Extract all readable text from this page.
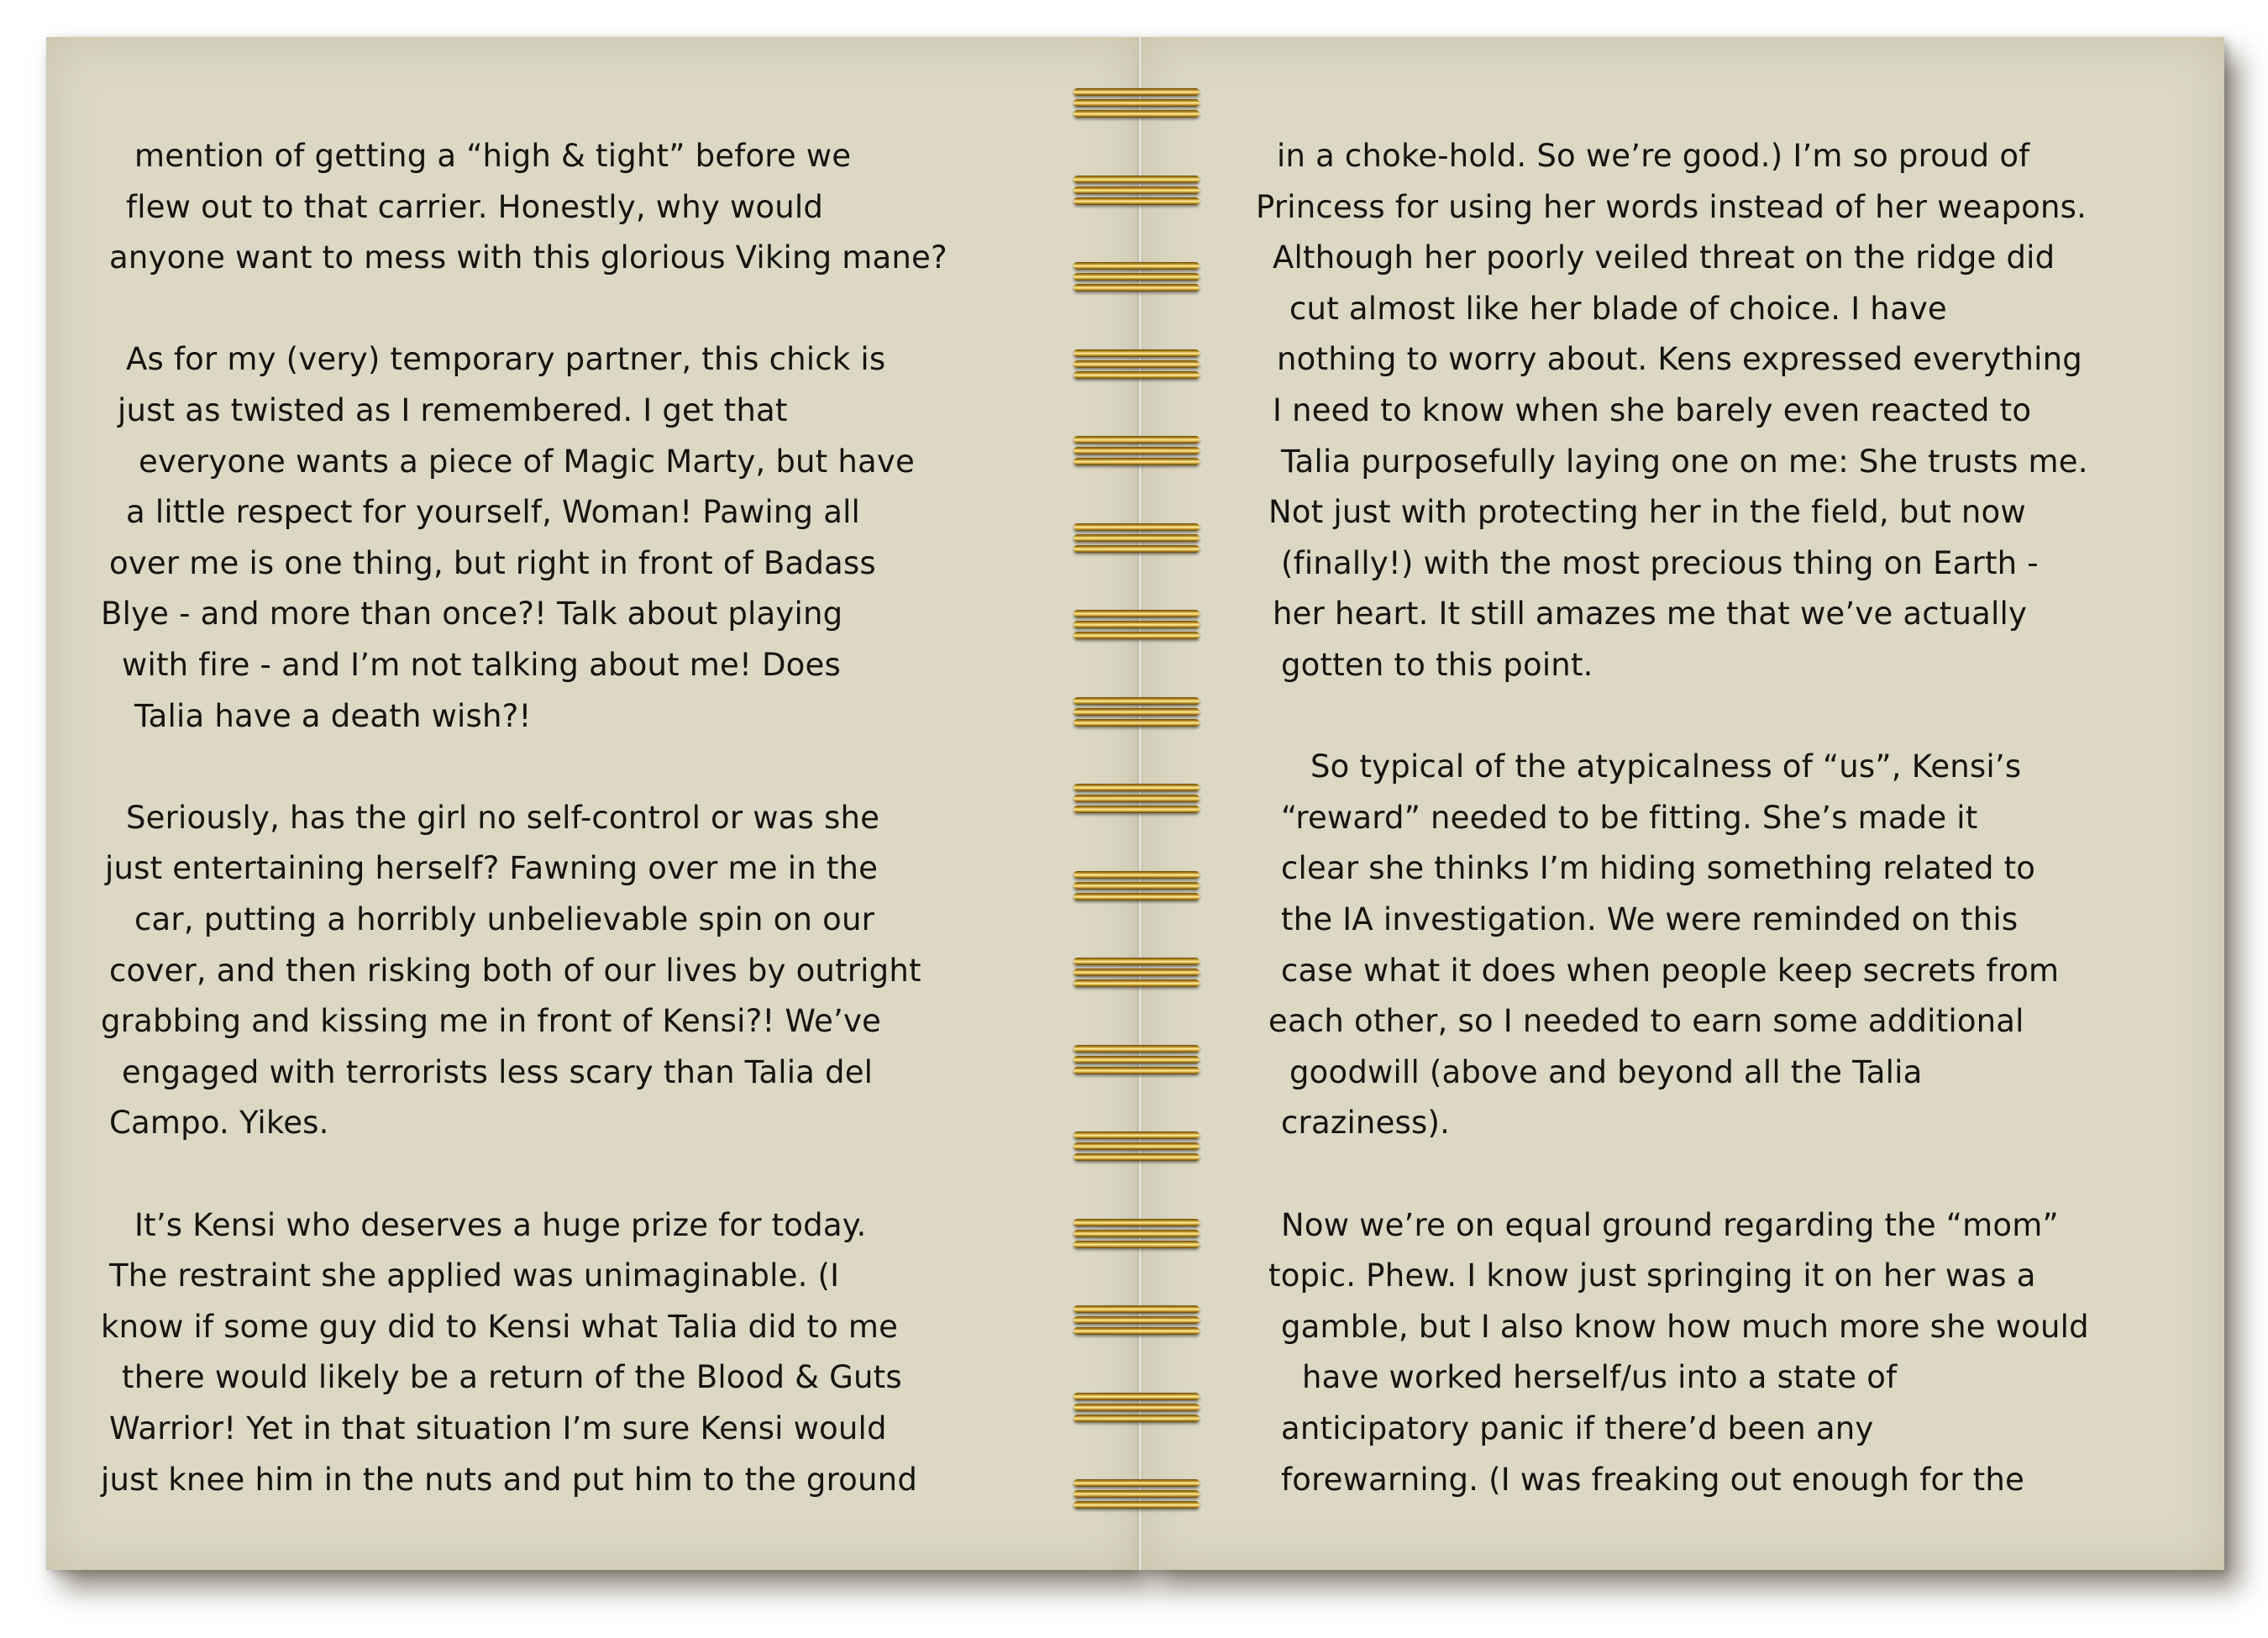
mention of getting a “high & tight” before we
flew out to that carrier. Honestly, why would
anyone want to mess with this glorious Viking mane?
As for my (very) temporary partner, this chick is
just as twisted as I remembered. I get that
everyone wants a piece of Magic Marty, but have
a little respect for yourself, Woman! Pawing all
over me is one thing, but right in front of Badass
Blye - and more than once?! Talk about playing
with fire - and I’m not talking about me! Does
Talia have a death wish?!
Seriously, has the girl no self-control or was she
just entertaining herself? Fawning over me in the
car, putting a horribly unbelievable spin on our
cover, and then risking both of our lives by outright
grabbing and kissing me in front of Kensi?! We’ve
engaged with terrorists less scary than Talia del
Campo. Yikes.
It’s Kensi who deserves a huge prize for today.
The restraint she applied was unimaginable. (I
know if some guy did to Kensi what Talia did to me
there would likely be a return of the Blood & Guts
Warrior! Yet in that situation I’m sure Kensi would
just knee him in the nuts and put him to the ground
in a choke-hold. So we’re good.) I’m so proud of
Princess for using her words instead of her weapons.
Although her poorly veiled threat on the ridge did
cut almost like her blade of choice. I have
nothing to worry about. Kens expressed everything
I need to know when she barely even reacted to
Talia purposefully laying one on me: She trusts me.
Not just with protecting her in the field, but now
(finally!) with the most precious thing on Earth -
her heart. It still amazes me that we’ve actually
gotten to this point.
So typical of the atypicalness of “us”, Kensi’s
“reward” needed to be fitting. She’s made it
clear she thinks I’m hiding something related to
the IA investigation. We were reminded on this
case what it does when people keep secrets from
each other, so I needed to earn some additional
goodwill (above and beyond all the Talia
craziness).
Now we’re on equal ground regarding the “mom”
topic. Phew. I know just springing it on her was a
gamble, but I also know how much more she would
have worked herself/us into a state of
anticipatory panic if there’d been any
forewarning. (I was freaking out enough for the
